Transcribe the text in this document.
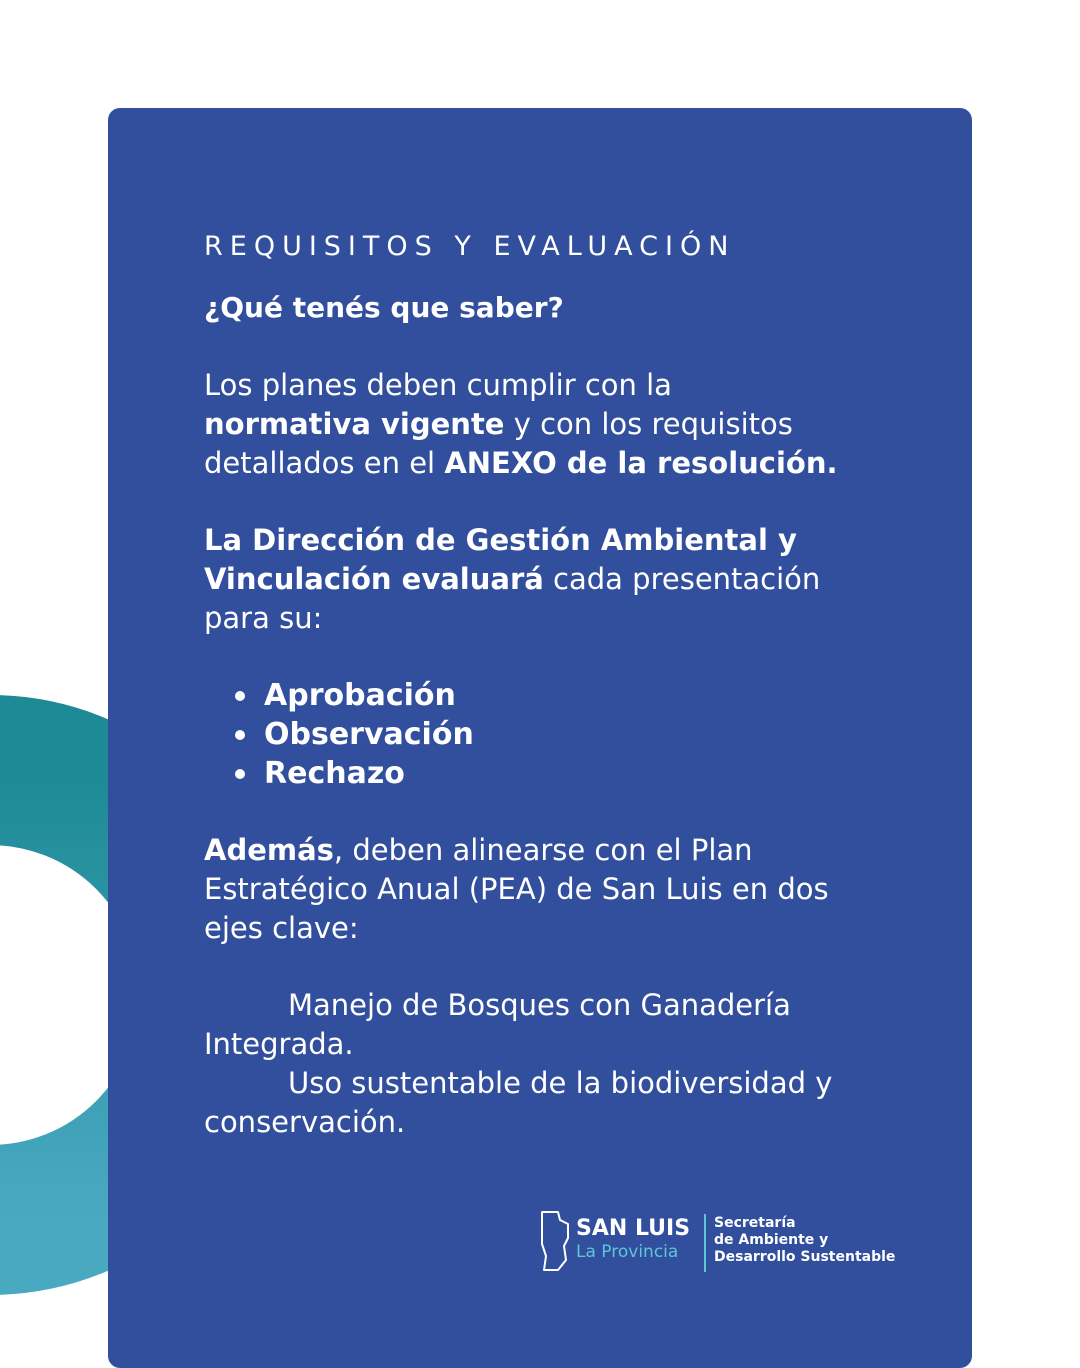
REQUISITOS Y EVALUACIÓN

¿Qué tenés que saber?

Los planes deben cumplir con la
normativa vigente y con los requisitos
detallados en el ANEXO de la resolución.

La Dirección de Gestión Ambiental y
Vinculación evaluará cada presentación
para su:

Aprobación
Observación
Rechazo

Además, deben alinearse con el Plan
Estratégico Anual (PEA) de San Luis en dos
ejes clave:

Manejo de Bosques con Ganadería
Integrada.
Uso sustentable de la biodiversidad y
conservación.
SAN LUIS
La Provincia
Secretaría
de Ambiente y
Desarrollo Sustentable
